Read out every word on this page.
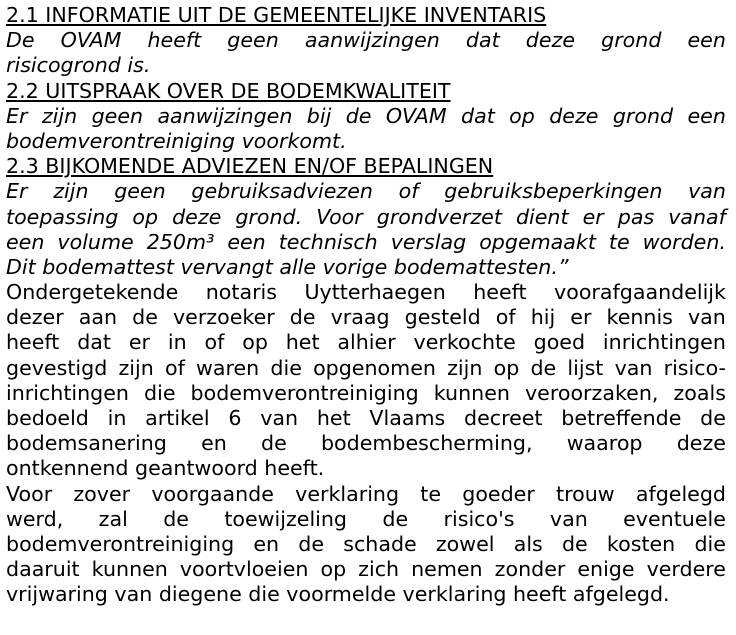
2.1 INFORMATIE UIT DE GEMEENTELIJKE INVENTARIS
De OVAM heeft geen aanwijzingen dat deze grond een
risicogrond is.
2.2 UITSPRAAK OVER DE BODEMKWALITEIT
Er zijn geen aanwijzingen bij de OVAM dat op deze grond een
bodemverontreiniging voorkomt.
2.3 BIJKOMENDE ADVIEZEN EN/OF BEPALINGEN
Er zijn geen gebruiksadviezen of gebruiksbeperkingen van
toepassing op deze grond. Voor grondverzet dient er pas vanaf
een volume 250m³ een technisch verslag opgemaakt te worden.
Dit bodemattest vervangt alle vorige bodemattesten.”
Ondergetekende notaris Uytterhaegen heeft voorafgaandelijk
dezer aan de verzoeker de vraag gesteld of hij er kennis van
heeft dat er in of op het alhier verkochte goed inrichtingen
gevestigd zijn of waren die opgenomen zijn op de lijst van risico-
inrichtingen die bodemverontreiniging kunnen veroorzaken, zoals
bedoeld in artikel 6 van het Vlaams decreet betreffende de
bodemsanering en de bodembescherming, waarop deze
ontkennend geantwoord heeft.
Voor zover voorgaande verklaring te goeder trouw afgelegd
werd, zal de toewijzeling de risico's van eventuele
bodemverontreiniging en de schade zowel als de kosten die
daaruit kunnen voortvloeien op zich nemen zonder enige verdere
vrijwaring van diegene die voormelde verklaring heeft afgelegd.
